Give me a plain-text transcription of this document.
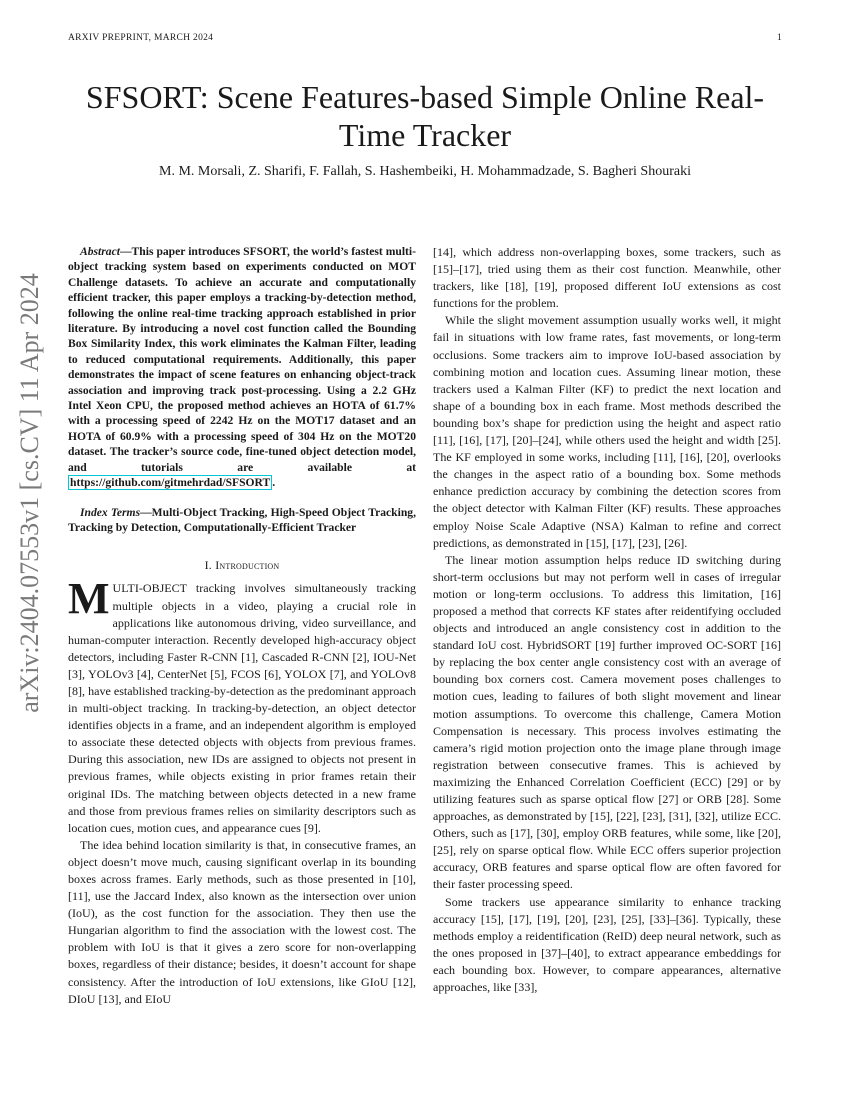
ARXIV PREPRINT, MARCH 2024	1
arXiv:2404.07553v1 [cs.CV] 11 Apr 2024
SFSORT: Scene Features-based Simple Online Real-Time Tracker
M. M. Morsali, Z. Sharifi, F. Fallah, S. Hashembeiki, H. Mohammadzade, S. Bagheri Shouraki

Abstract—This paper introduces SFSORT, the world’s fastest multi-object tracking system based on experiments conducted on MOT Challenge datasets. To achieve an accurate and computationally efficient tracker, this paper employs a tracking-by-detection method, following the online real-time tracking approach established in prior literature. By introducing a novel cost function called the Bounding Box Similarity Index, this work eliminates the Kalman Filter, leading to reduced computational requirements. Additionally, this paper demonstrates the impact of scene features on enhancing object-track association and improving track post-processing. Using a 2.2 GHz Intel Xeon CPU, the proposed method achieves an HOTA of 61.7% with a processing speed of 2242 Hz on the MOT17 dataset and an HOTA of 60.9% with a processing speed of 304 Hz on the MOT20 dataset. The tracker’s source code, fine-tuned object detection model, and tutorials are available at https://github.com/gitmehrdad/SFSORT .

Index Terms—Multi-Object Tracking, High-Speed Object Tracking, Tracking by Detection, Computationally-Efficient Tracker

I. Introduction

MULTI-OBJECT tracking involves simultaneously tracking multiple objects in a video, playing a crucial role in applications like autonomous driving, video surveillance, and human-computer interaction. Recently developed high-accuracy object detectors, including Faster R-CNN [1], Cascaded R-CNN [2], IOU-Net [3], YOLOv3 [4], CenterNet [5], FCOS [6], YOLOX [7], and YOLOv8 [8], have established tracking-by-detection as the predominant approach in multi-object tracking. In tracking-by-detection, an object detector identifies objects in a frame, and an independent algorithm is employed to associate these detected objects with objects from previous frames. During this association, new IDs are assigned to objects not present in previous frames, while objects existing in prior frames retain their original IDs. The matching between objects detected in a new frame and those from previous frames relies on similarity descriptors such as location cues, motion cues, and appearance cues [9].

The idea behind location similarity is that, in consecutive frames, an object doesn’t move much, causing significant overlap in its bounding boxes across frames. Early methods, such as those presented in [10], [11], use the Jaccard Index, also known as the intersection over union (IoU), as the cost function for the association. They then use the Hungarian algorithm to find the association with the lowest cost. The problem with IoU is that it gives a zero score for non-overlapping boxes, regardless of their distance; besides, it doesn’t account for shape consistency. After the introduction of IoU extensions, like GIoU [12], DIoU [13], and EIoU

[14], which address non-overlapping boxes, some trackers, such as [15]–[17], tried using them as their cost function. Meanwhile, other trackers, like [18], [19], proposed different IoU extensions as cost functions for the problem.

While the slight movement assumption usually works well, it might fail in situations with low frame rates, fast movements, or long-term occlusions. Some trackers aim to improve IoU-based association by combining motion and location cues. Assuming linear motion, these trackers used a Kalman Filter (KF) to predict the next location and shape of a bounding box in each frame. Most methods described the bounding box’s shape for prediction using the height and aspect ratio [11], [16], [17], [20]–[24], while others used the height and width [25]. The KF employed in some works, including [11], [16], [20], overlooks the changes in the aspect ratio of a bounding box. Some methods enhance prediction accuracy by combining the detection scores from the object detector with Kalman Filter (KF) results. These approaches employ Noise Scale Adaptive (NSA) Kalman to refine and correct predictions, as demonstrated in [15], [17], [23], [26].

The linear motion assumption helps reduce ID switching during short-term occlusions but may not perform well in cases of irregular motion or long-term occlusions. To address this limitation, [16] proposed a method that corrects KF states after reidentifying occluded objects and introduced an angle consistency cost in addition to the standard IoU cost. HybridSORT [19] further improved OC-SORT [16] by replacing the box center angle consistency cost with an average of bounding box corners cost. Camera movement poses challenges to motion cues, leading to failures of both slight movement and linear motion assumptions. To overcome this challenge, Camera Motion Compensation is necessary. This process involves estimating the camera’s rigid motion projection onto the image plane through image registration between consecutive frames. This is achieved by maximizing the Enhanced Correlation Coefficient (ECC) [29] or by utilizing features such as sparse optical flow [27] or ORB [28]. Some approaches, as demonstrated by [15], [22], [23], [31], [32], utilize ECC. Others, such as [17], [30], employ ORB features, while some, like [20], [25], rely on sparse optical flow. While ECC offers superior projection accuracy, ORB features and sparse optical flow are often favored for their faster processing speed.

Some trackers use appearance similarity to enhance tracking accuracy [15], [17], [19], [20], [23], [25], [33]–[36]. Typically, these methods employ a reidentification (ReID) deep neural network, such as the ones proposed in [37]–[40], to extract appearance embeddings for each bounding box. However, to compare appearances, alternative approaches, like [33],
